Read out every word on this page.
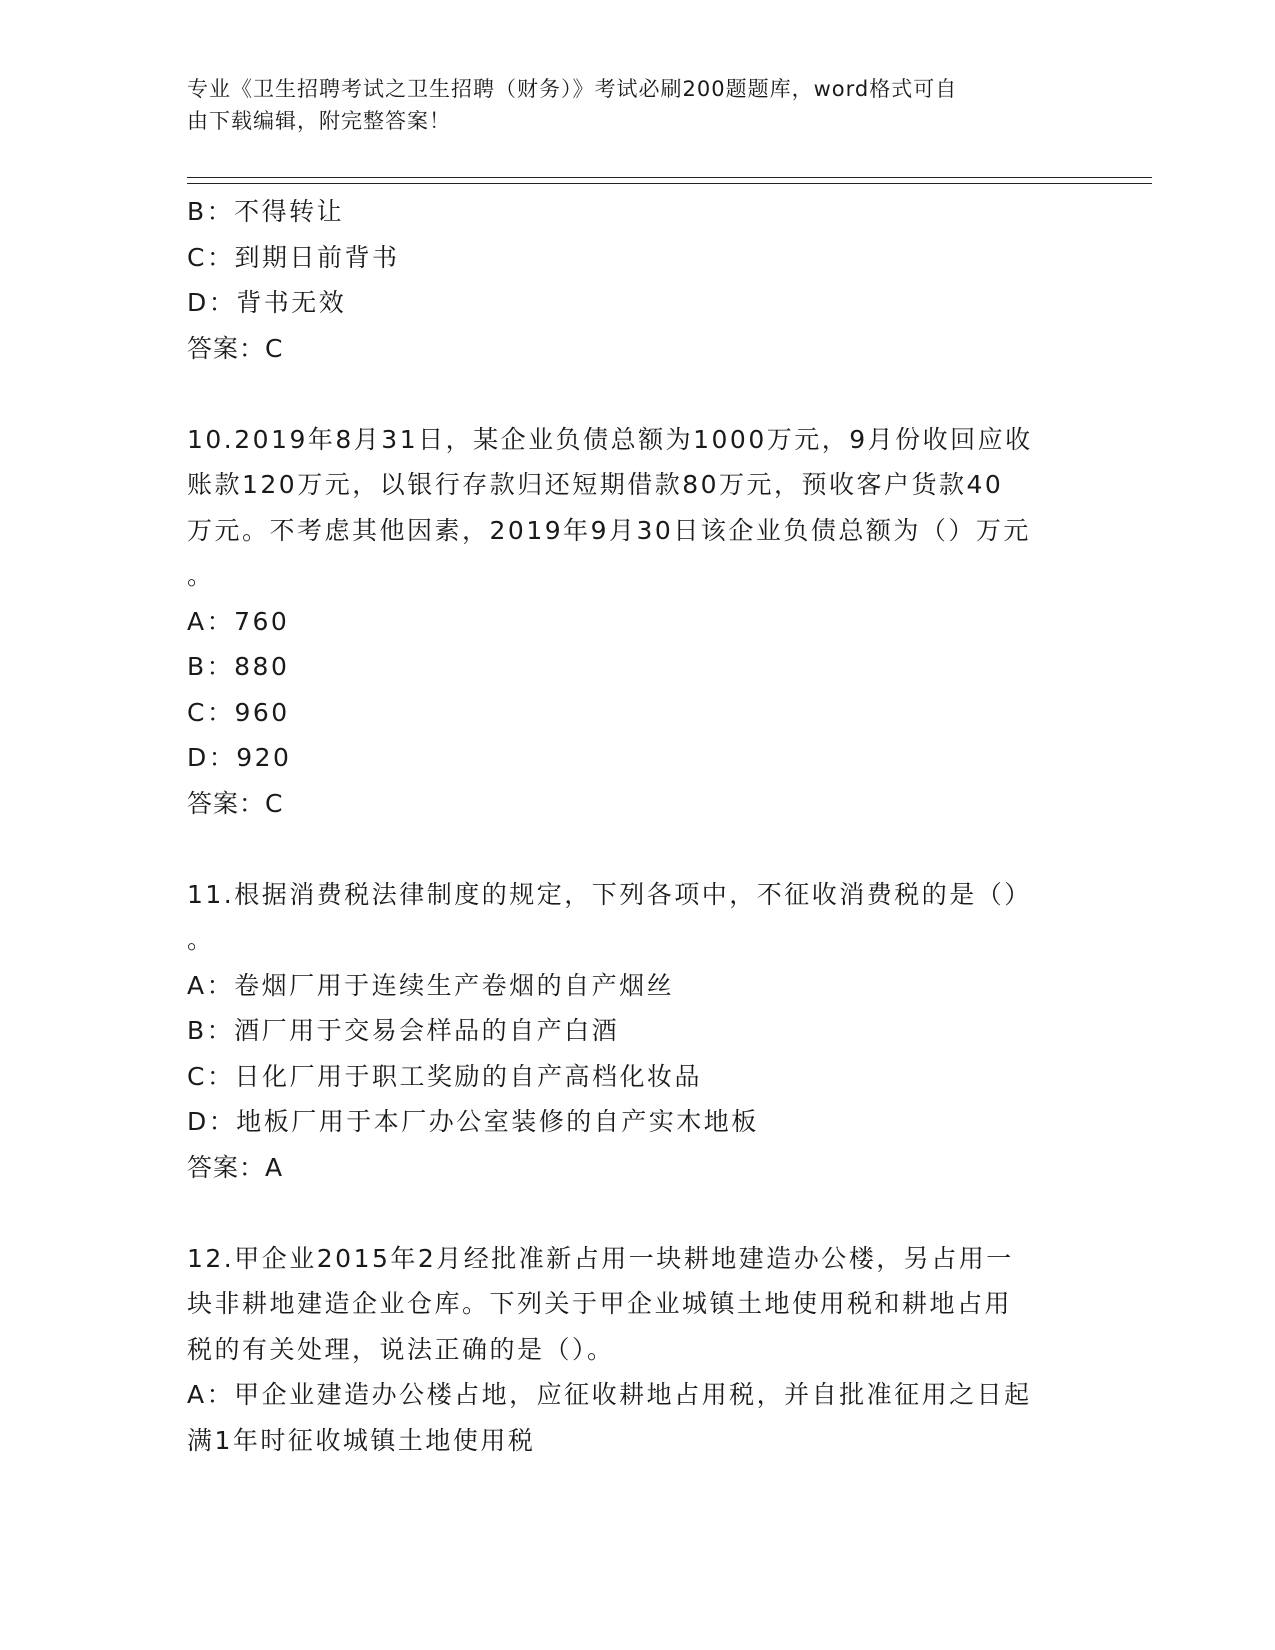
专业《卫生招聘考试之卫生招聘（财务）》考试必刷200题题库，word格式可自
由下载编辑，附完整答案！
B：不得转让
C：到期日前背书
D：背书无效
答案：C
10.2019年8月31日，某企业负债总额为1000万元，9月份收回应收
账款120万元，以银行存款归还短期借款80万元，预收客户货款40
万元。不考虑其他因素，2019年9月30日该企业负债总额为（）万元
。
A：760
B：880
C：960
D：920
答案：C
11.根据消费税法律制度的规定，下列各项中，不征收消费税的是（）
。
A：卷烟厂用于连续生产卷烟的自产烟丝
B：酒厂用于交易会样品的自产白酒
C：日化厂用于职工奖励的自产高档化妆品
D：地板厂用于本厂办公室装修的自产实木地板
答案：A
12.甲企业2015年2月经批准新占用一块耕地建造办公楼，另占用一
块非耕地建造企业仓库。下列关于甲企业城镇土地使用税和耕地占用
税的有关处理，说法正确的是（）。
A：甲企业建造办公楼占地，应征收耕地占用税，并自批准征用之日起
满1年时征收城镇土地使用税
